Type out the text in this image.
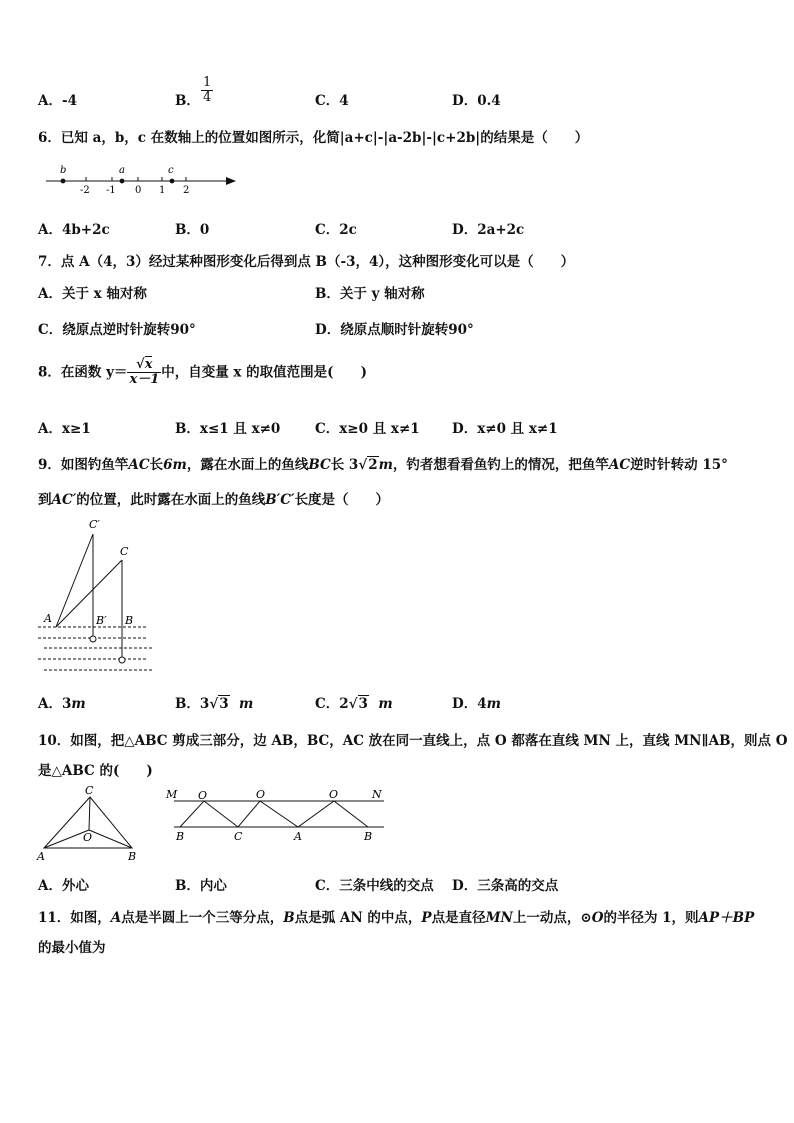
A．-4	B． $\frac{1}{4}$	C．4	D．0.4
6．已知 a，b，c 在数轴上的位置如图所示，化简|a+c|-|a-2b|-|c+2b|的结果是（　　）
b	a	c
-2 -1 0 1 2
A．4b+2c	B．0	C．2c	D．2a+2c
7．点 A（4，3）经过某种图形变化后得到点 B（-3，4），这种图形变化可以是（　　）
A．关于 x 轴对称	B．关于 y 轴对称
C．绕原点逆时针旋转90°	D．绕原点顺时针旋转90°
8．在函数 $y= \frac{√x}{x-1}$ 中，自变量 x 的取值范围是(　　)
A．x≥1	B．x≤1 且 x≠0	C．x≥0 且 x≠1 D．x≠0 且 x≠1
9．如图钓鱼竿AC长6m，露在水面上的鱼线BC长 3√2m，钓者想看看鱼钓上的情况，把鱼竿AC逆时针转动 15°
到AC′的位置，此时露在水面上的鱼线B′C′长度是（　　）
C′
C
A	B′ B
A．3m	B．3√3 m	C．2√3 m	D．4m
10．如图，把△ABC 剪成三部分，边 AB，BC，AC 放在同一直线上，点 O 都落在直线 MN 上，直线 MN∥AB，则点 O
是△ABC 的(　　)
C
O
A	B
M O	O	O	N
B	C	A	B
A．外心	B．内心	C．三条中线的交点 D．三条高的交点
11．如图，A点是半圆上一个三等分点，B点是弧 AN 的中点，P点是直径MN上一动点，⊙O的半径为 1，则AP＋BP
的最小值为
